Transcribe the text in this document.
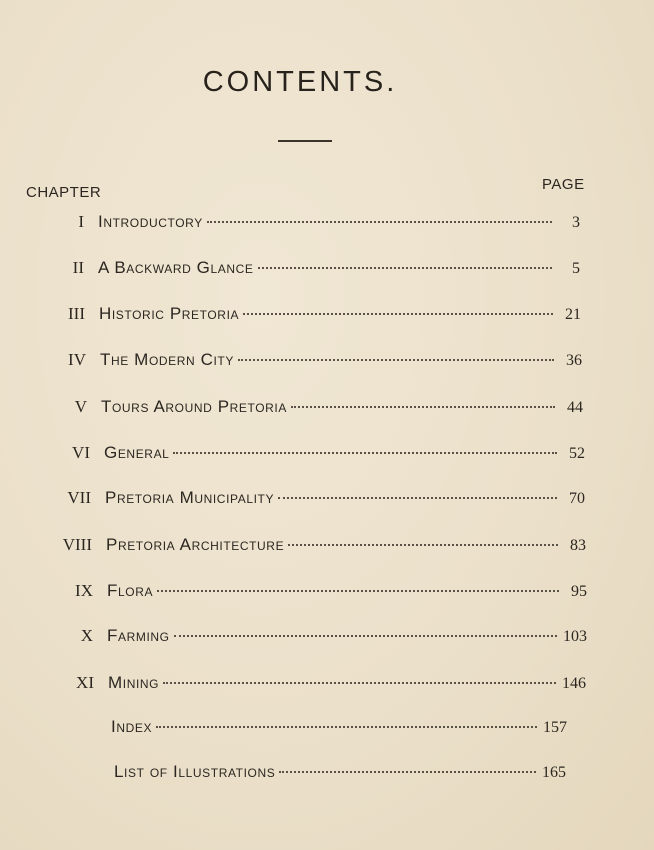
CONTENTS.
CHAPTER	PAGE
I Introductory	3
II A Backward Glance	5
III Historic Pretoria	21
IV The Modern City	36
V Tours Around Pretoria	44
VI General	52
VII Pretoria Municipality	70
VIII Pretoria Architecture	83
IX Flora	95
X Farming	103
XI Mining	146
Index	157
List of Illustrations	165
